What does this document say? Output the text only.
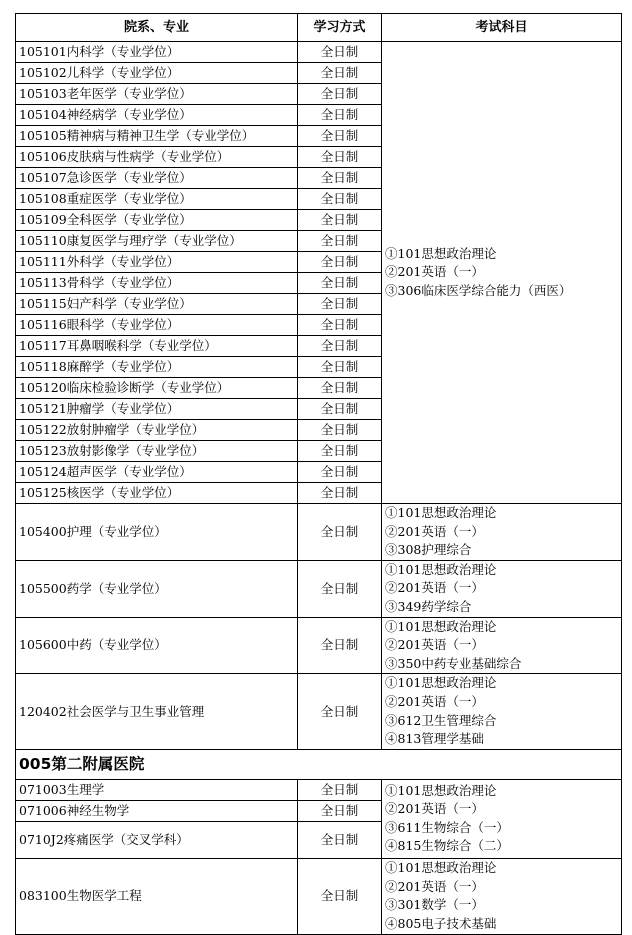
院系、专业	学习方式	考试科目
105101内科学（专业学位）	全日制	①101思想政治理论
②201英语（一）
③306临床医学综合能力（西医）

105102儿科学（专业学位）	全日制	
105103老年医学（专业学位）	全日制	
105104神经病学（专业学位）	全日制	
105105精神病与精神卫生学（专业学位）	全日制	
105106皮肤病与性病学（专业学位）	全日制	
105107急诊医学（专业学位）	全日制	
105108重症医学（专业学位）	全日制	
105109全科医学（专业学位）	全日制	
105110康复医学与理疗学（专业学位）	全日制	
105111外科学（专业学位）	全日制	
105113骨科学（专业学位）	全日制	
105115妇产科学（专业学位）	全日制	
105116眼科学（专业学位）	全日制	
105117耳鼻咽喉科学（专业学位）	全日制	
105118麻醉学（专业学位）	全日制	
105120临床检验诊断学（专业学位）	全日制	
105121肿瘤学（专业学位）	全日制	
105122放射肿瘤学（专业学位）	全日制	
105123放射影像学（专业学位）	全日制	
105124超声医学（专业学位）	全日制	
105125核医学（专业学位）	全日制	
105400护理（专业学位）	全日制	①101思想政治理论
②201英语（一）
③308护理综合

105500药学（专业学位）	全日制	①101思想政治理论
②201英语（一）
③349药学综合

105600中药（专业学位）	全日制	①101思想政治理论
②201英语（一）
③350中药专业基础综合

120402社会医学与卫生事业管理	全日制	①101思想政治理论
②201英语（一）
③612卫生管理综合
④813管理学基础

005第二附属医院		
071003生理学	全日制	①101思想政治理论
②201英语（一）
③611生物综合（一）
④815生物综合（二）

071006神经生物学	全日制	
0710J2疼痛医学（交叉学科）	全日制	
083100生物医学工程	全日制	①101思想政治理论
②201英语（一）
③301数学（一）
④805电子技术基础
